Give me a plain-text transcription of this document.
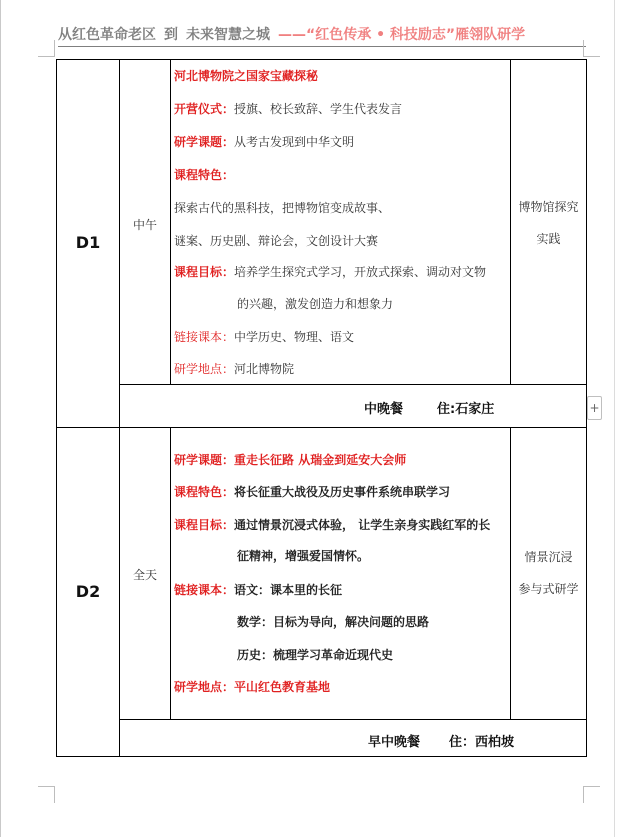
从红色革命老区 到 未来智慧之城 ——“红色传承 • 科技励志”雁翎队研学
D1
中午
博物馆探究
实践
河北博物院之国家宝藏探秘
开营仪式：授旗、校长致辞、学生代表发言
研学课题：从考古发现到中华文明
课程特色：
探索古代的黑科技，把博物馆变成故事、
谜案、历史剧、辩论会，文创设计大赛
课程目标：培养学生探究式学习，开放式探索、调动对文物
的兴趣，激发创造力和想象力
链接课本：中学历史、物理、语文
研学地点：河北博物院
中晚餐	住:石家庄
D2
全天
情景沉浸
参与式研学
研学课题：重走长征路 从瑞金到延安大会师
课程特色：将长征重大战役及历史事件系统串联学习
课程目标：通过情景沉浸式体验， 让学生亲身实践红军的长
征精神，增强爱国情怀。
链接课本：语文：课本里的长征
数学：目标为导向，解决问题的思路
历史：梳理学习革命近现代史
研学地点：平山红色教育基地
早中晚餐 住：西柏坡
+
